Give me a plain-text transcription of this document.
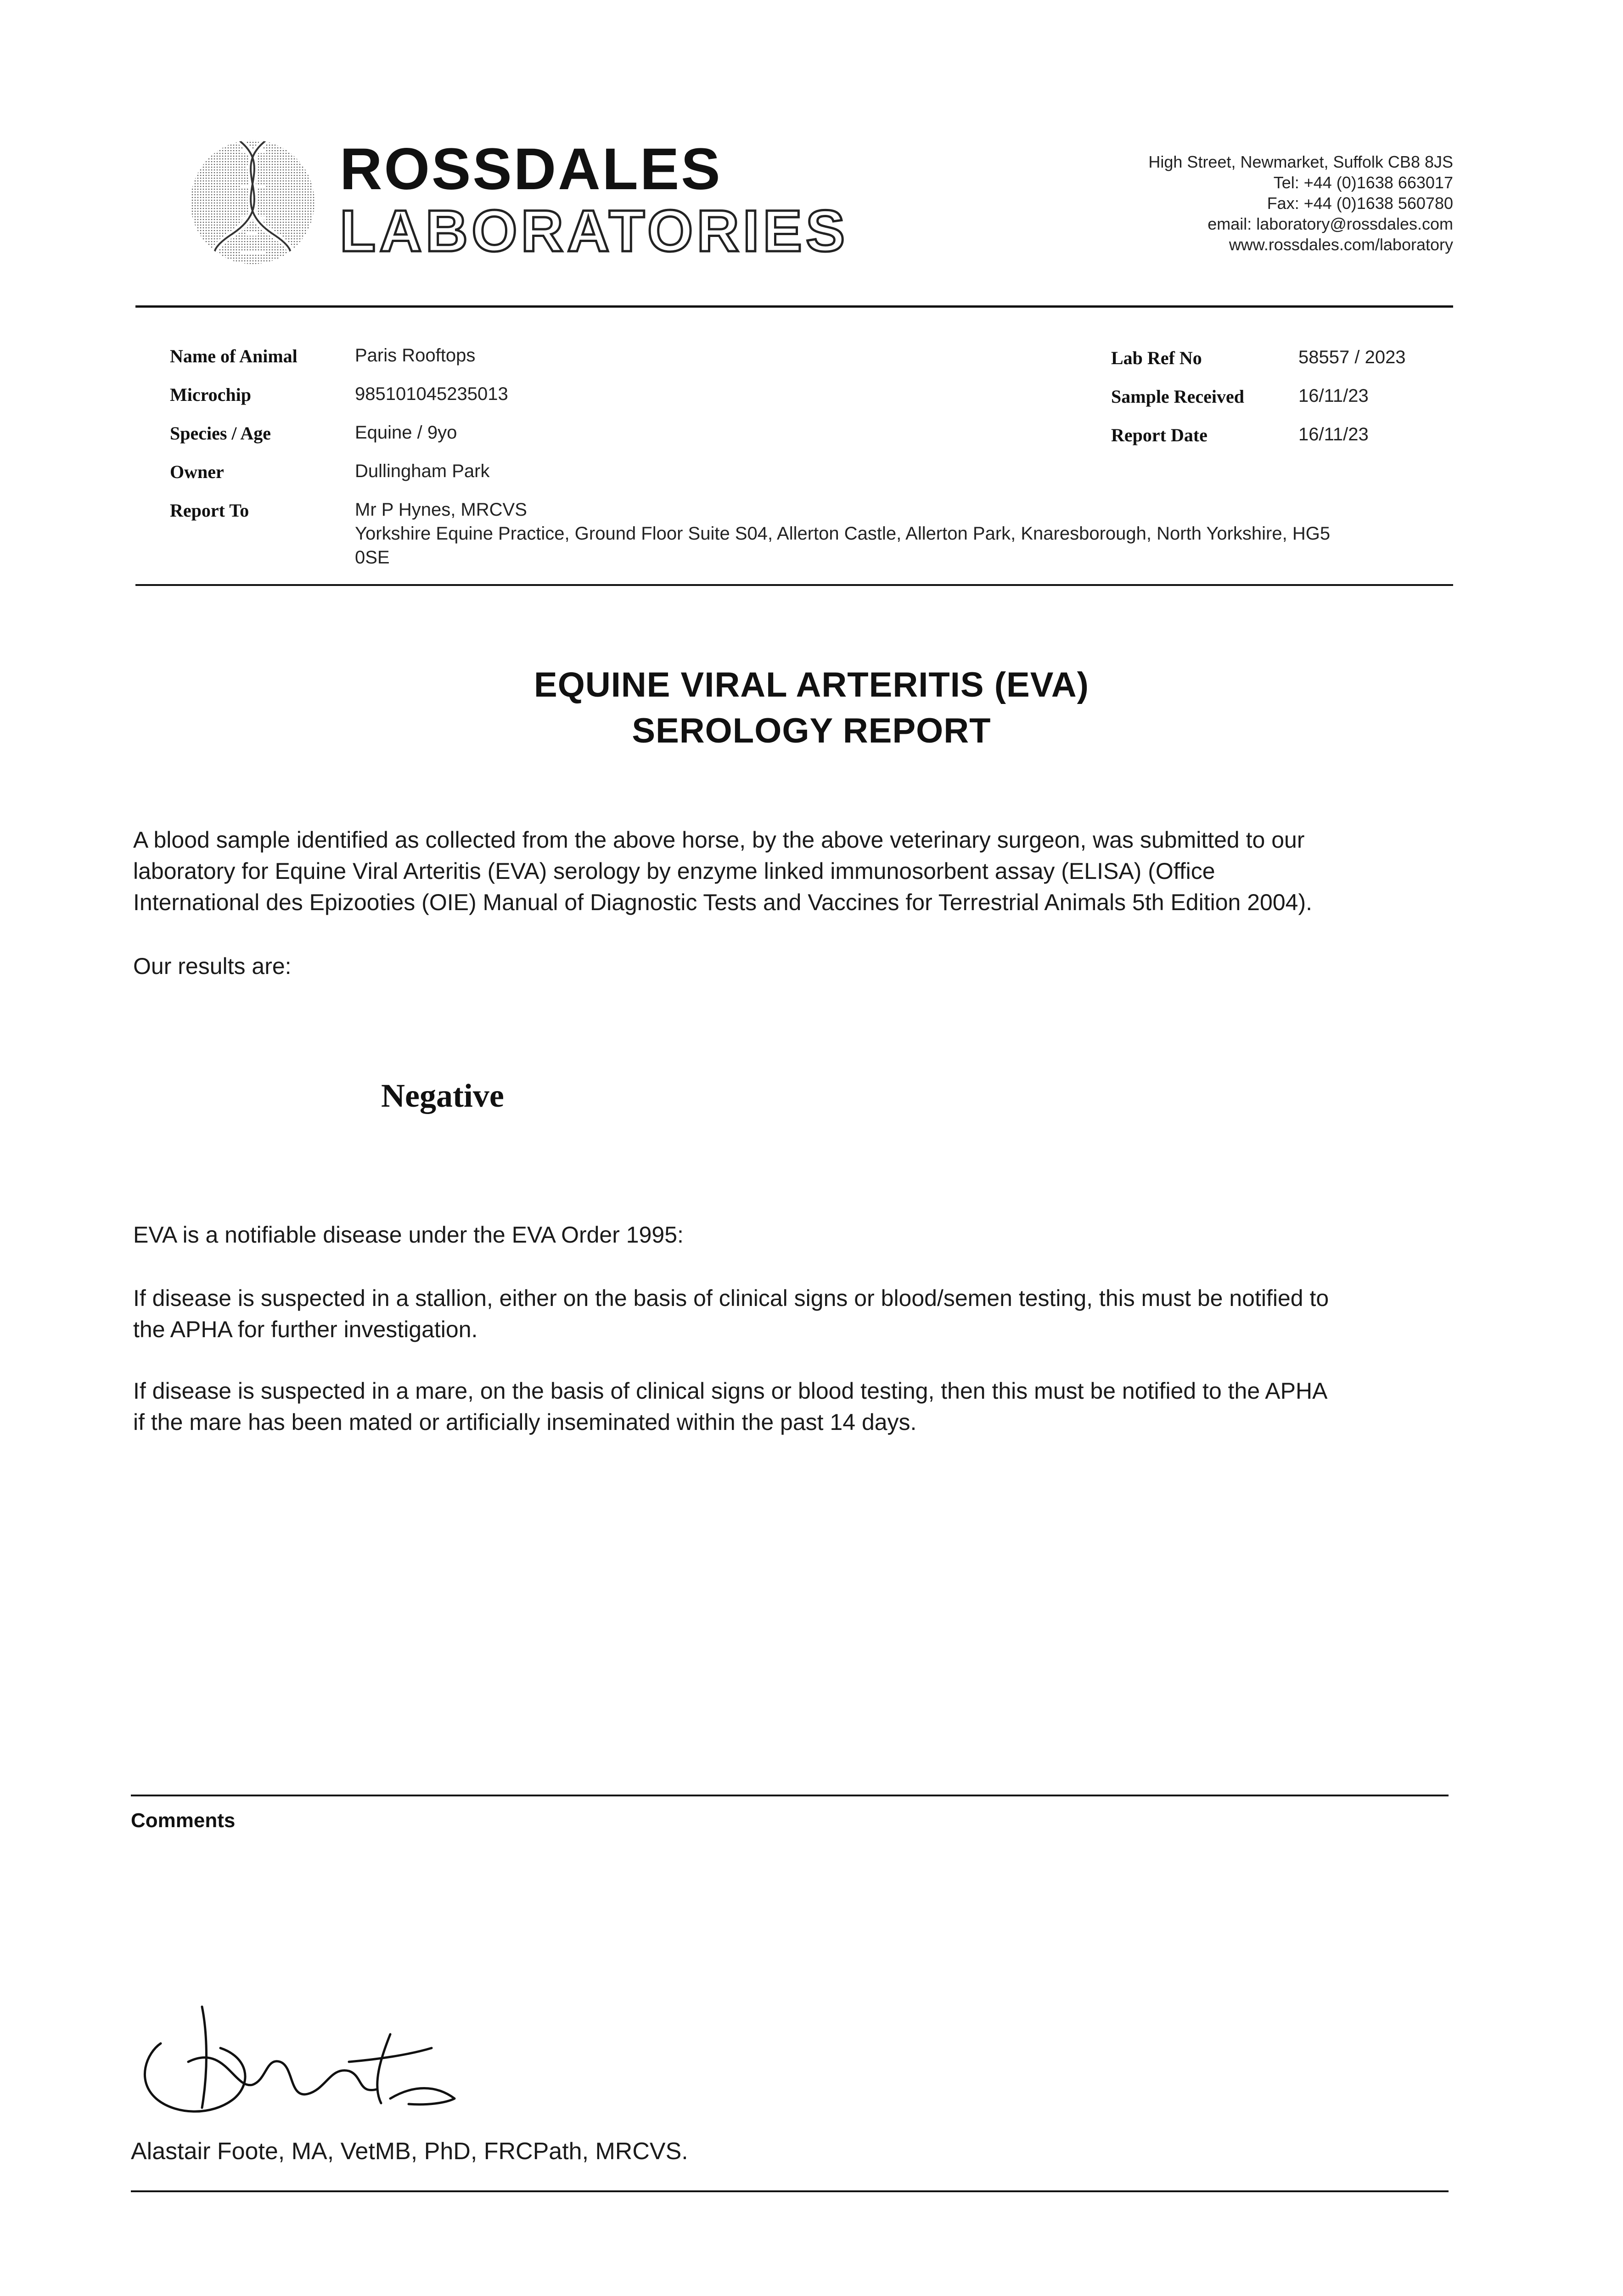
ROSSDALES
LABORATORIES
High Street, Newmarket, Suffolk CB8 8JS
Tel: +44 (0)1638 663017
Fax: +44 (0)1638 560780
email: laboratory@rossdales.com
www.rossdales.com/laboratory
Name of Animal	Paris Rooftops
Microchip	985101045235013
Species / Age	Equine / 9yo
Owner	Dullingham Park
Report To	Mr P Hynes, MRCVS
Yorkshire Equine Practice, Ground Floor Suite S04, Allerton Castle, Allerton Park, Knaresborough, North Yorkshire, HG5
0SE
Lab Ref No	58557 / 2023
Sample Received	16/11/23
Report Date	16/11/23
EQUINE VIRAL ARTERITIS (EVA)
SEROLOGY REPORT
A blood sample identified as collected from the above horse, by the above veterinary surgeon, was submitted to our
laboratory for Equine Viral Arteritis (EVA) serology by enzyme linked immunosorbent assay (ELISA) (Office
International des Epizooties (OIE) Manual of Diagnostic Tests and Vaccines for Terrestrial Animals 5th Edition 2004).
Our results are:
Negative
EVA is a notifiable disease under the EVA Order 1995:
If disease is suspected in a stallion, either on the basis of clinical signs or blood/semen testing, this must be notified to
the APHA for further investigation.
If disease is suspected in a mare, on the basis of clinical signs or blood testing, then this must be notified to the APHA
if the mare has been mated or artificially inseminated within the past 14 days.
Comments
Alastair Foote, MA, VetMB, PhD, FRCPath, MRCVS.
